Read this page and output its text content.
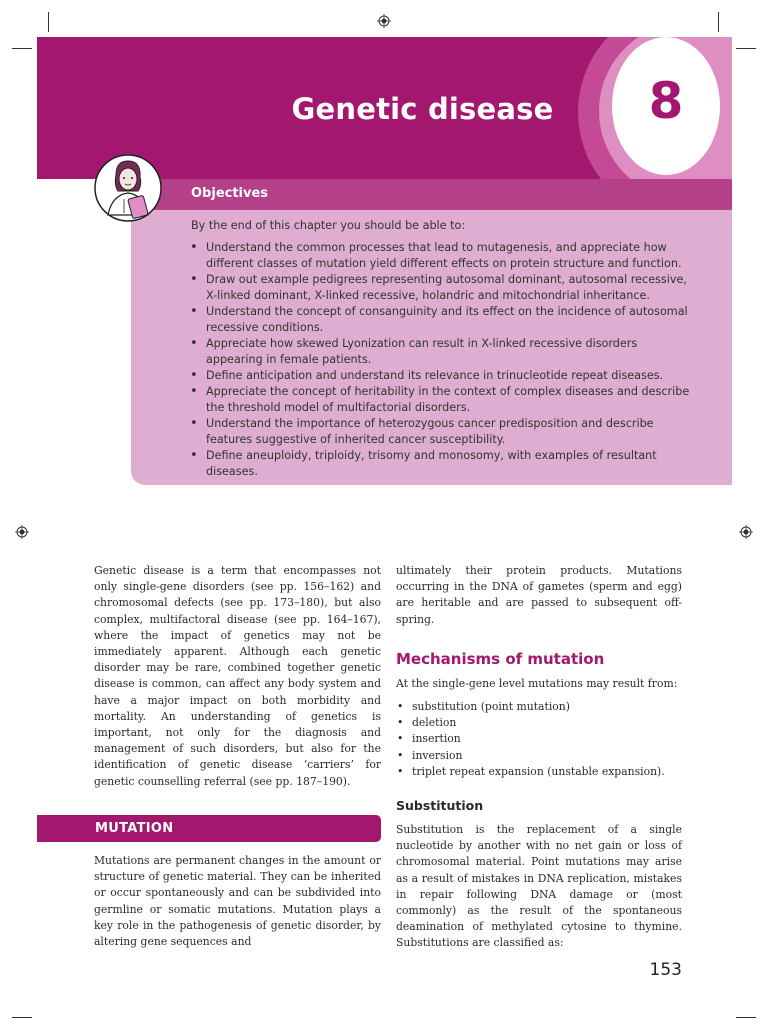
8
Genetic disease
Objectives
By the end of this chapter you should be able to:
• Understand the common processes that lead to mutagenesis, and appreciate how different classes of mutation yield different effects on protein structure and function.
• Draw out example pedigrees representing autosomal dominant, autosomal recessive, X-linked dominant, X-linked recessive, holandric and mitochondrial inheritance.
• Understand the concept of consanguinity and its effect on the incidence of autosomal recessive conditions.
• Appreciate how skewed Lyonization can result in X-linked recessive disorders appearing in female patients.
• Define anticipation and understand its relevance in trinucleotide repeat diseases.
• Appreciate the concept of heritability in the context of complex diseases and describe the threshold model of multifactorial disorders.
• Understand the importance of heterozygous cancer predisposition and describe features suggestive of inherited cancer susceptibility.
• Define aneuploidy, triploidy, trisomy and monosomy, with examples of resultant diseases.
Genetic disease is a term that encompasses not only single-gene disorders (see pp. 156–162) and chromosomal defects (see pp. 173–180), but also complex, multifactoral disease (see pp. 164–167), where the impact of genetics may not be immediately apparent. Although each genetic disorder may be rare, combined together genetic disease is common, can affect any body system and have a major impact on both morbidity and mortality. An understanding of genetics is important, not only for the diagnosis and management of such disorders, but also for the identification of genetic disease ‘carriers’ for genetic counselling referral (see pp. 187–190).
MUTATION
Mutations are permanent changes in the amount or structure of genetic material. They can be inherited or occur spontaneously and can be subdivided into germline or somatic mutations. Mutation plays a key role in the pathogenesis of genetic disorder, by altering gene sequences and
ultimately their protein products. Mutations occurring in the DNA of gametes (sperm and egg) are heritable and are passed to subsequent off-spring.
Mechanisms of mutation
At the single-gene level mutations may result from:
• substitution (point mutation)
• deletion
• insertion
• inversion
• triplet repeat expansion (unstable expansion).
Substitution
Substitution is the replacement of a single nucleotide by another with no net gain or loss of chromosomal material. Point mutations may arise as a result of mistakes in DNA replication, mistakes in repair following DNA damage or (most commonly) as the result of the spontaneous deamination of methylated cytosine to thymine. Substitutions are classified as:
153
